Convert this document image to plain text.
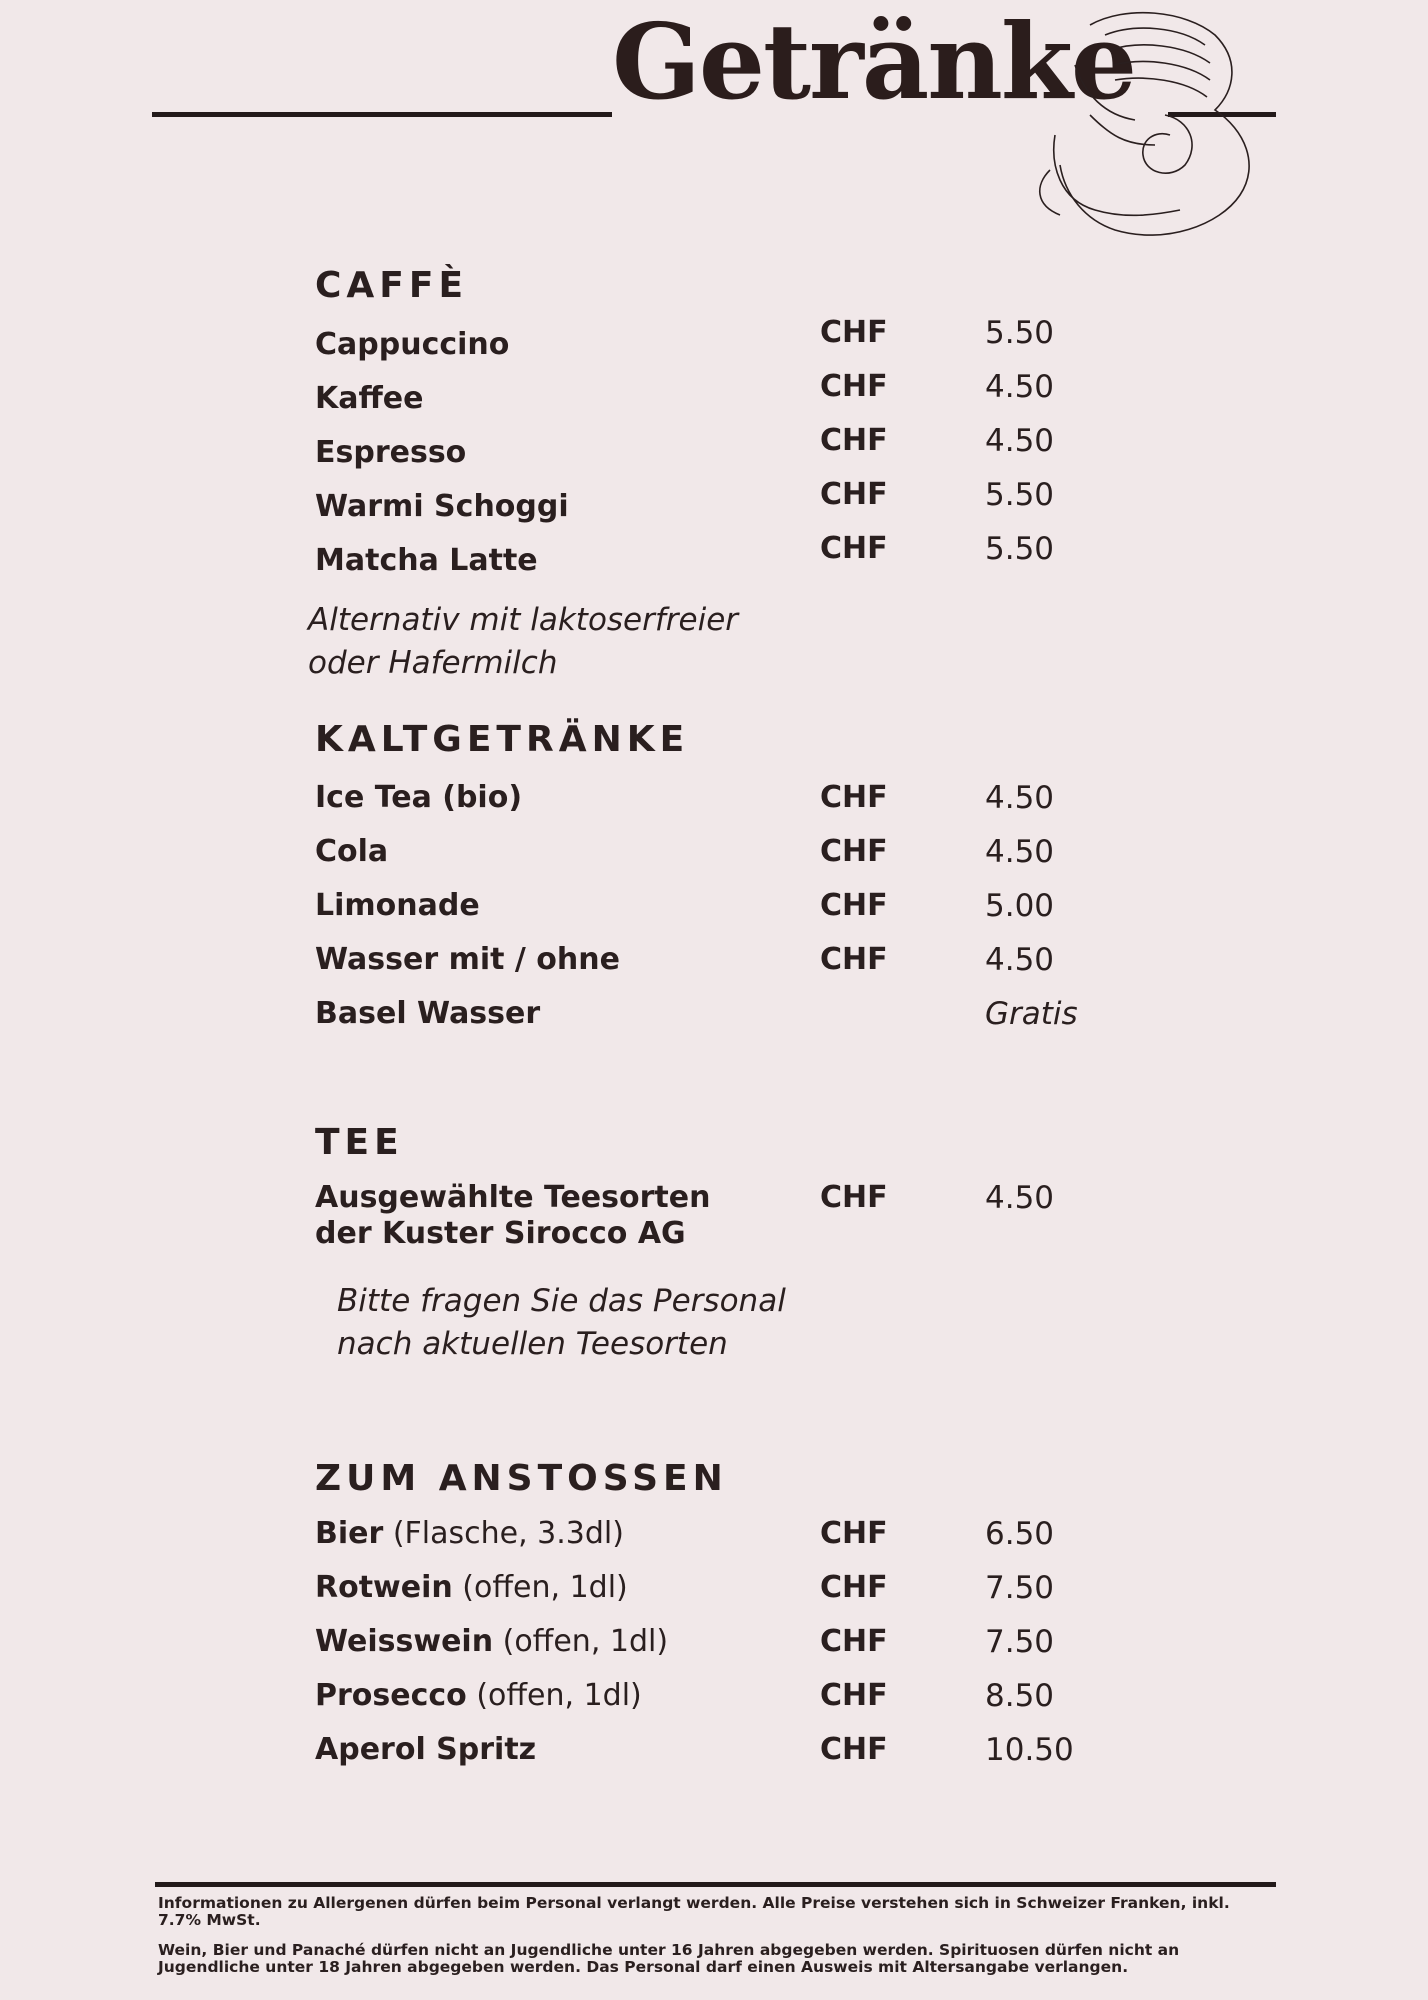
Getränke
CAFFÈ
Cappuccino	CHF	5.50
Kaffee	CHF	4.50
Espresso	CHF	4.50
Warmi Schoggi	CHF	5.50
Matcha Latte	CHF	5.50
Alternativ mit laktoserfreier
oder Hafermilch
KALTGETRÄNKE
Ice Tea (bio)	CHF	4.50
Cola	CHF	4.50
Limonade	CHF	5.00
Wasser mit / ohne	CHF	4.50
Basel Wasser	Gratis
TEE
Ausgewählte Teesorten
der Kuster Sirocco AG
CHF	4.50
Bitte fragen Sie das Personal
nach aktuellen Teesorten
ZUM ANSTOSSEN
Bier (Flasche, 3.3dl)	CHF	6.50
Rotwein (offen, 1dl)	CHF	7.50
Weisswein (offen, 1dl)	CHF	7.50
Prosecco (offen, 1dl)	CHF	8.50
Aperol Spritz	CHF	10.50
Informationen zu Allergenen dürfen beim Personal verlangt werden. Alle Preise verstehen sich in Schweizer Franken, inkl. 7.7% MwSt.
Wein, Bier und Panaché dürfen nicht an Jugendliche unter 16 Jahren abgegeben werden. Spirituosen dürfen nicht an Jugendliche unter 18 Jahren abgegeben werden. Das Personal darf einen Ausweis mit Altersangabe verlangen.
